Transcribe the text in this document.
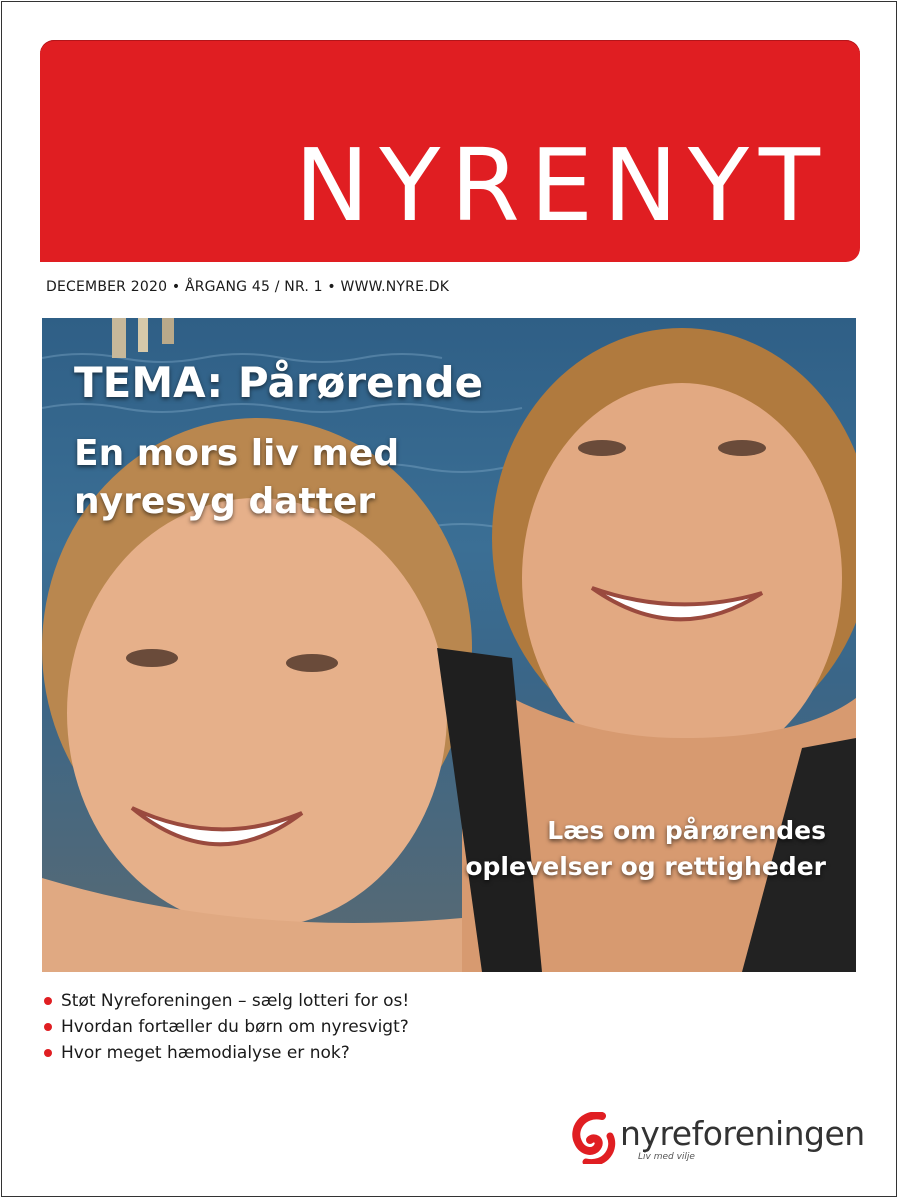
NYRENYT
DECEMBER 2020 • ÅRGANG 45 / NR. 1 • WWW.NYRE.DK
TEMA: Pårørende
En mors liv med
nyresyg datter
Læs om pårørendes
oplevelser og rettigheder
Støt Nyreforeningen – sælg lotteri for os!
Hvordan fortæller du børn om nyresvigt?
Hvor meget hæmodialyse er nok?
nyreforeningen
Liv med vilje
